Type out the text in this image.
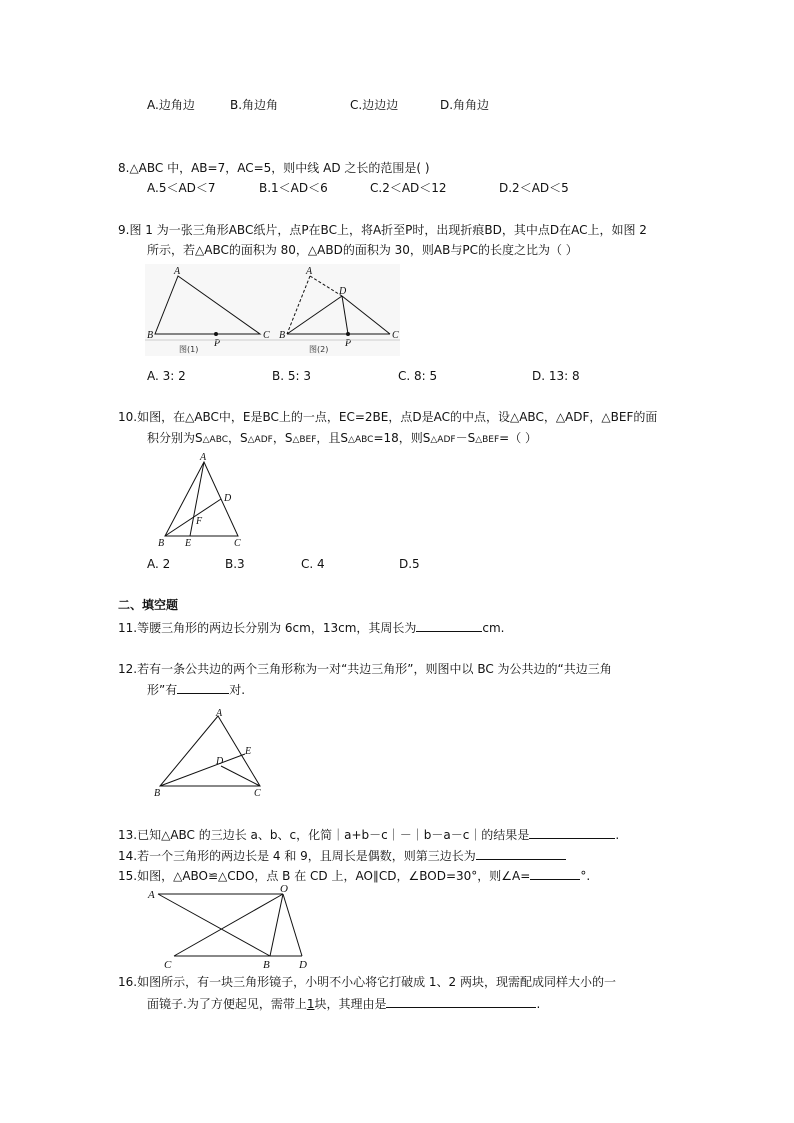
A.边角边	B.角边角	C.边边边	D.角角边
8.△ABC 中，AB=7，AC=5，则中线 AD 之长的范围是( )
A.5＜AD＜7	B.1＜AD＜6	C.2＜AD＜12	D.2＜AD＜5
9.图 1 为一张三角形ABC纸片，点P在BC上，将A折至P时，出现折痕BD，其中点D在AC上，如图 2
所示，若△ABC的面积为 80，△ABD的面积为 30，则AB与PC的长度之比为（ ）
A
B	C
P
图(1)
A
B	C
D
P
图(2)
A. 3: 2	B. 5: 3	C. 8: 5	D. 13: 8
10.如图，在△ABC中，E是BC上的一点，EC=2BE，点D是AC的中点，设△ABC，△ADF，△BEF的面
积分别为S△ABC，S△ADF，S△BEF，且S△ABC=18，则S△ADF－S△BEF=（ ）
A
B E	C
D
F
A. 2	B.3	C. 4	D.5
二、填空题
11.等腰三角形的两边长分别为 6cm，13cm，其周长为	cm.
12.若有一条公共边的两个三角形称为一对“共边三角形”，则图中以 BC 为公共边的“共边三角
形”有	对.
A
B	C
D
E
13.已知△ABC 的三边长 a、b、c，化简｜a+b－c｜－｜b－a－c｜的结果是	.
14.若一个三角形的两边长是 4 和 9，且周长是偶数，则第三边长为
15.如图，△ABO≌△CDO，点 B 在 CD 上，AO∥CD，∠BOD=30°，则∠A=	°.
A	O
C	B	D
16.如图所示，有一块三角形镜子，小明不小心将它打破成 1、2 两块，现需配成同样大小的一
面镜子.为了方便起见，需带上1块，其理由是	.
